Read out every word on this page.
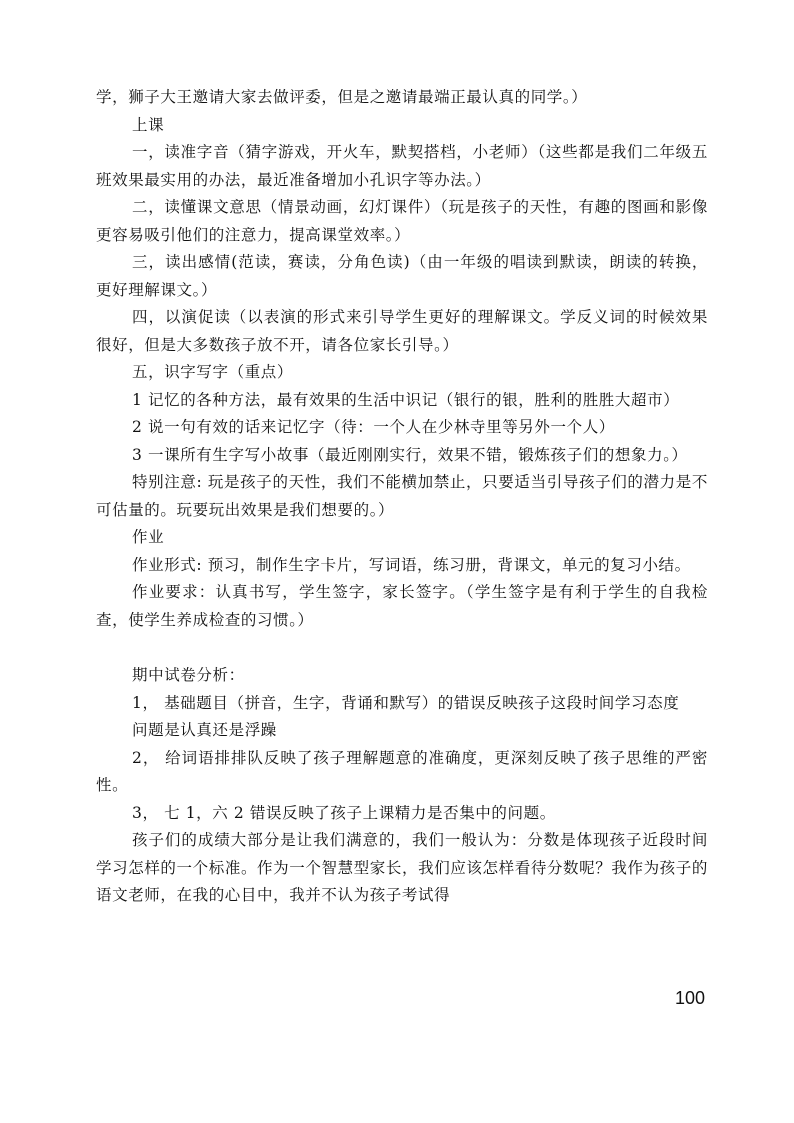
学，狮子大王邀请大家去做评委，但是之邀请最端正最认真的同学。）

上课

一，读准字音（猜字游戏，开火车，默契搭档，小老师）（这些都是我们二年级五班效果最实用的办法，最近准备增加小孔识字等办法。）

二，读懂课文意思（情景动画，幻灯课件）（玩是孩子的天性，有趣的图画和影像更容易吸引他们的注意力，提高课堂效率。）

三，读出感情(范读，赛读，分角色读)（由一年级的唱读到默读，朗读的转换，更好理解课文。）

四，以演促读（以表演的形式来引导学生更好的理解课文。学反义词的时候效果很好，但是大多数孩子放不开，请各位家长引导。）

五，识字写字（重点）

1 记忆的各种方法，最有效果的生活中识记（银行的银，胜利的胜胜大超市）

2 说一句有效的话来记忆字（待：一个人在少林寺里等另外一个人）

3 一课所有生字写小故事（最近刚刚实行，效果不错，锻炼孩子们的想象力。）

特别注意: 玩是孩子的天性，我们不能横加禁止，只要适当引导孩子们的潜力是不可估量的。玩要玩出效果是我们想要的。）

作业

作业形式: 预习，制作生字卡片，写词语，练习册，背课文，单元的复习小结。

作业要求：认真书写，学生签字，家长签字。（学生签字是有利于学生的自我检查，使学生养成检查的习惯。）

期中试卷分析：

1， 基础题目（拼音，生字，背诵和默写）的错误反映孩子这段时间学习态度

问题是认真还是浮躁

2， 给词语排排队反映了孩子理解题意的准确度，更深刻反映了孩子思维的严密性。

3， 七 1，六 2 错误反映了孩子上课精力是否集中的问题。

孩子们的成绩大部分是让我们满意的，我们一般认为：分数是体现孩子近段时间学习怎样的一个标准。作为一个智慧型家长，我们应该怎样看待分数呢？我作为孩子的语文老师，在我的心目中，我并不认为孩子考试得

100
